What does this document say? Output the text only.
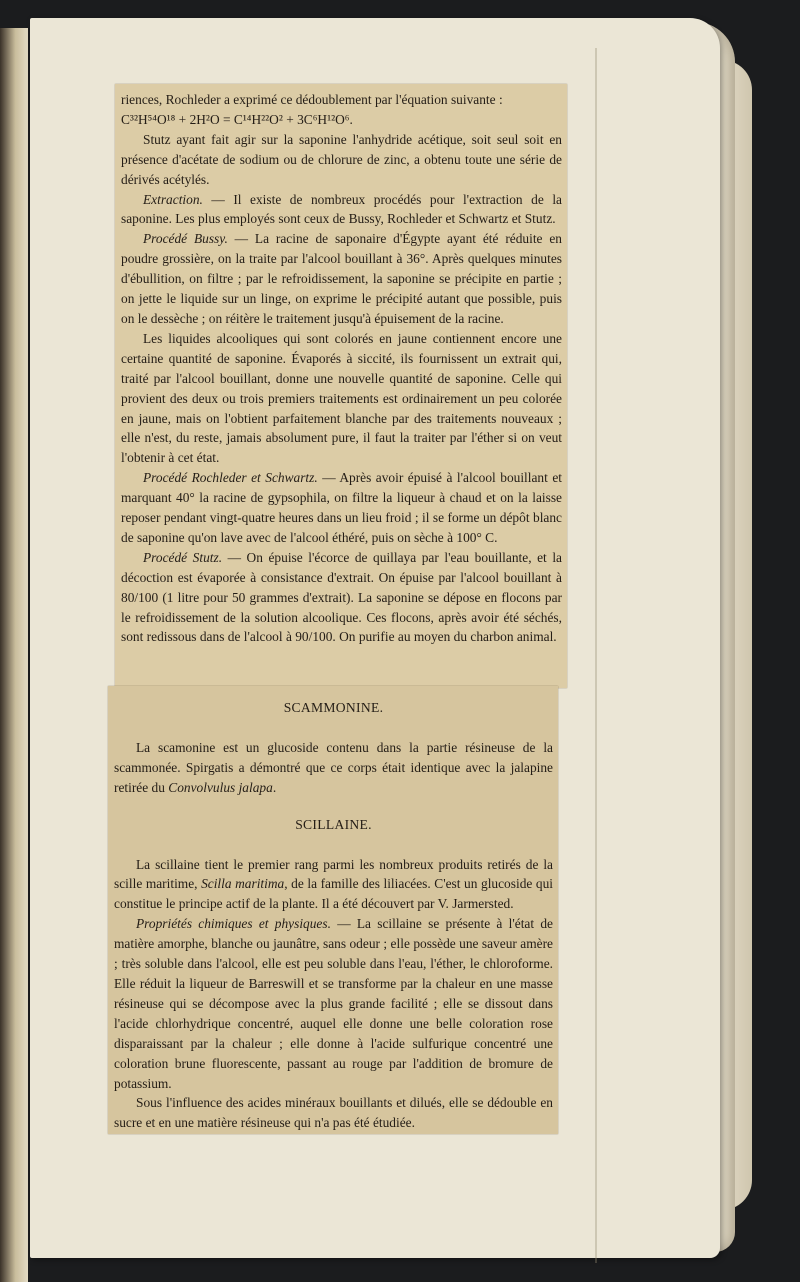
riences, Rochleder a exprimé ce dédoublement par l'équation suivante :

C³²H⁵⁴O¹⁸ + 2H²O = C¹⁴H²²O² + 3C⁶H¹²O⁶.

Stutz ayant fait agir sur la saponine l'anhydride acétique, soit seul soit en présence d'acétate de sodium ou de chlorure de zinc, a obtenu toute une série de dérivés acétylés.

Extraction. — Il existe de nombreux procédés pour l'extraction de la saponine. Les plus employés sont ceux de Bussy, Rochleder et Schwartz et Stutz.

Procédé Bussy. — La racine de saponaire d'Égypte ayant été réduite en poudre grossière, on la traite par l'alcool bouillant à 36°. Après quelques minutes d'ébullition, on filtre ; par le refroidissement, la saponine se précipite en partie ; on jette le liquide sur un linge, on exprime le précipité autant que possible, puis on le dessèche ; on réitère le traitement jusqu'à épuisement de la racine.

Les liquides alcooliques qui sont colorés en jaune contiennent encore une certaine quantité de saponine. Évaporés à siccité, ils fournissent un extrait qui, traité par l'alcool bouillant, donne une nouvelle quantité de saponine. Celle qui provient des deux ou trois premiers traitements est ordinairement un peu colorée en jaune, mais on l'obtient parfaitement blanche par des traitements nouveaux ; elle n'est, du reste, jamais absolument pure, il faut la traiter par l'éther si on veut l'obtenir à cet état.

Procédé Rochleder et Schwartz. — Après avoir épuisé à l'alcool bouillant et marquant 40° la racine de gypsophila, on filtre la liqueur à chaud et on la laisse reposer pendant vingt-quatre heures dans un lieu froid ; il se forme un dépôt blanc de saponine qu'on lave avec de l'alcool éthéré, puis on sèche à 100° C.

Procédé Stutz. — On épuise l'écorce de quillaya par l'eau bouillante, et la décoction est évaporée à consistance d'extrait. On épuise par l'alcool bouillant à 80/100 (1 litre pour 50 grammes d'extrait). La saponine se dépose en flocons par le refroidissement de la solution alcoolique. Ces flocons, après avoir été séchés, sont redissous dans de l'alcool à 90/100. On purifie au moyen du charbon animal.

SCAMMONINE.

La scamonine est un glucoside contenu dans la partie résineuse de la scammonée. Spirgatis a démontré que ce corps était identique avec la jalapine retirée du Convolvulus jalapa.

SCILLAINE.

La scillaine tient le premier rang parmi les nombreux produits retirés de la scille maritime, Scilla maritima, de la famille des liliacées. C'est un glucoside qui constitue le principe actif de la plante. Il a été découvert par V. Jarmersted.

Propriétés chimiques et physiques. — La scillaine se présente à l'état de matière amorphe, blanche ou jaunâtre, sans odeur ; elle possède une saveur amère ; très soluble dans l'alcool, elle est peu soluble dans l'eau, l'éther, le chloroforme. Elle réduit la liqueur de Barreswill et se transforme par la chaleur en une masse résineuse qui se décompose avec la plus grande facilité ; elle se dissout dans l'acide chlorhydrique concentré, auquel elle donne une belle coloration rose disparaissant par la chaleur ; elle donne à l'acide sulfurique concentré une coloration brune fluorescente, passant au rouge par l'addition de bromure de potassium.

Sous l'influence des acides minéraux bouillants et dilués, elle se dédouble en sucre et en une matière résineuse qui n'a pas été étudiée.
